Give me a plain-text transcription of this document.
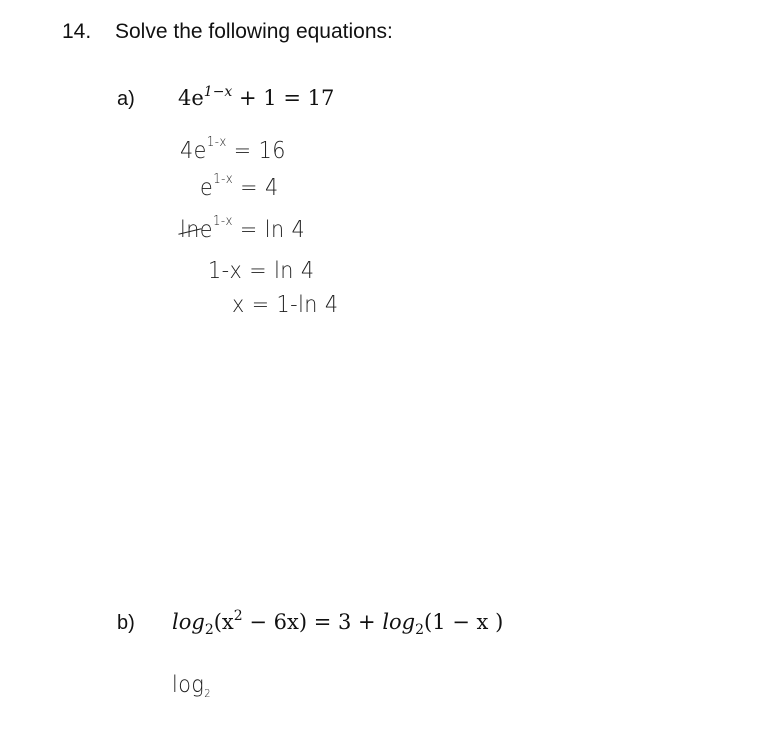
14. Solve the following equations:
a) $4e^{1-x} + 1 = 17$
$4e^{1-x} = 16$
$e^{1-x} = 4$
lne$^{1-x}$ = ln 4
1-x = ln 4
x = 1-ln 4
b) $\log_2(x^2 - 6x) = 3 + \log_2(1 - x$ )
$\log_2$
